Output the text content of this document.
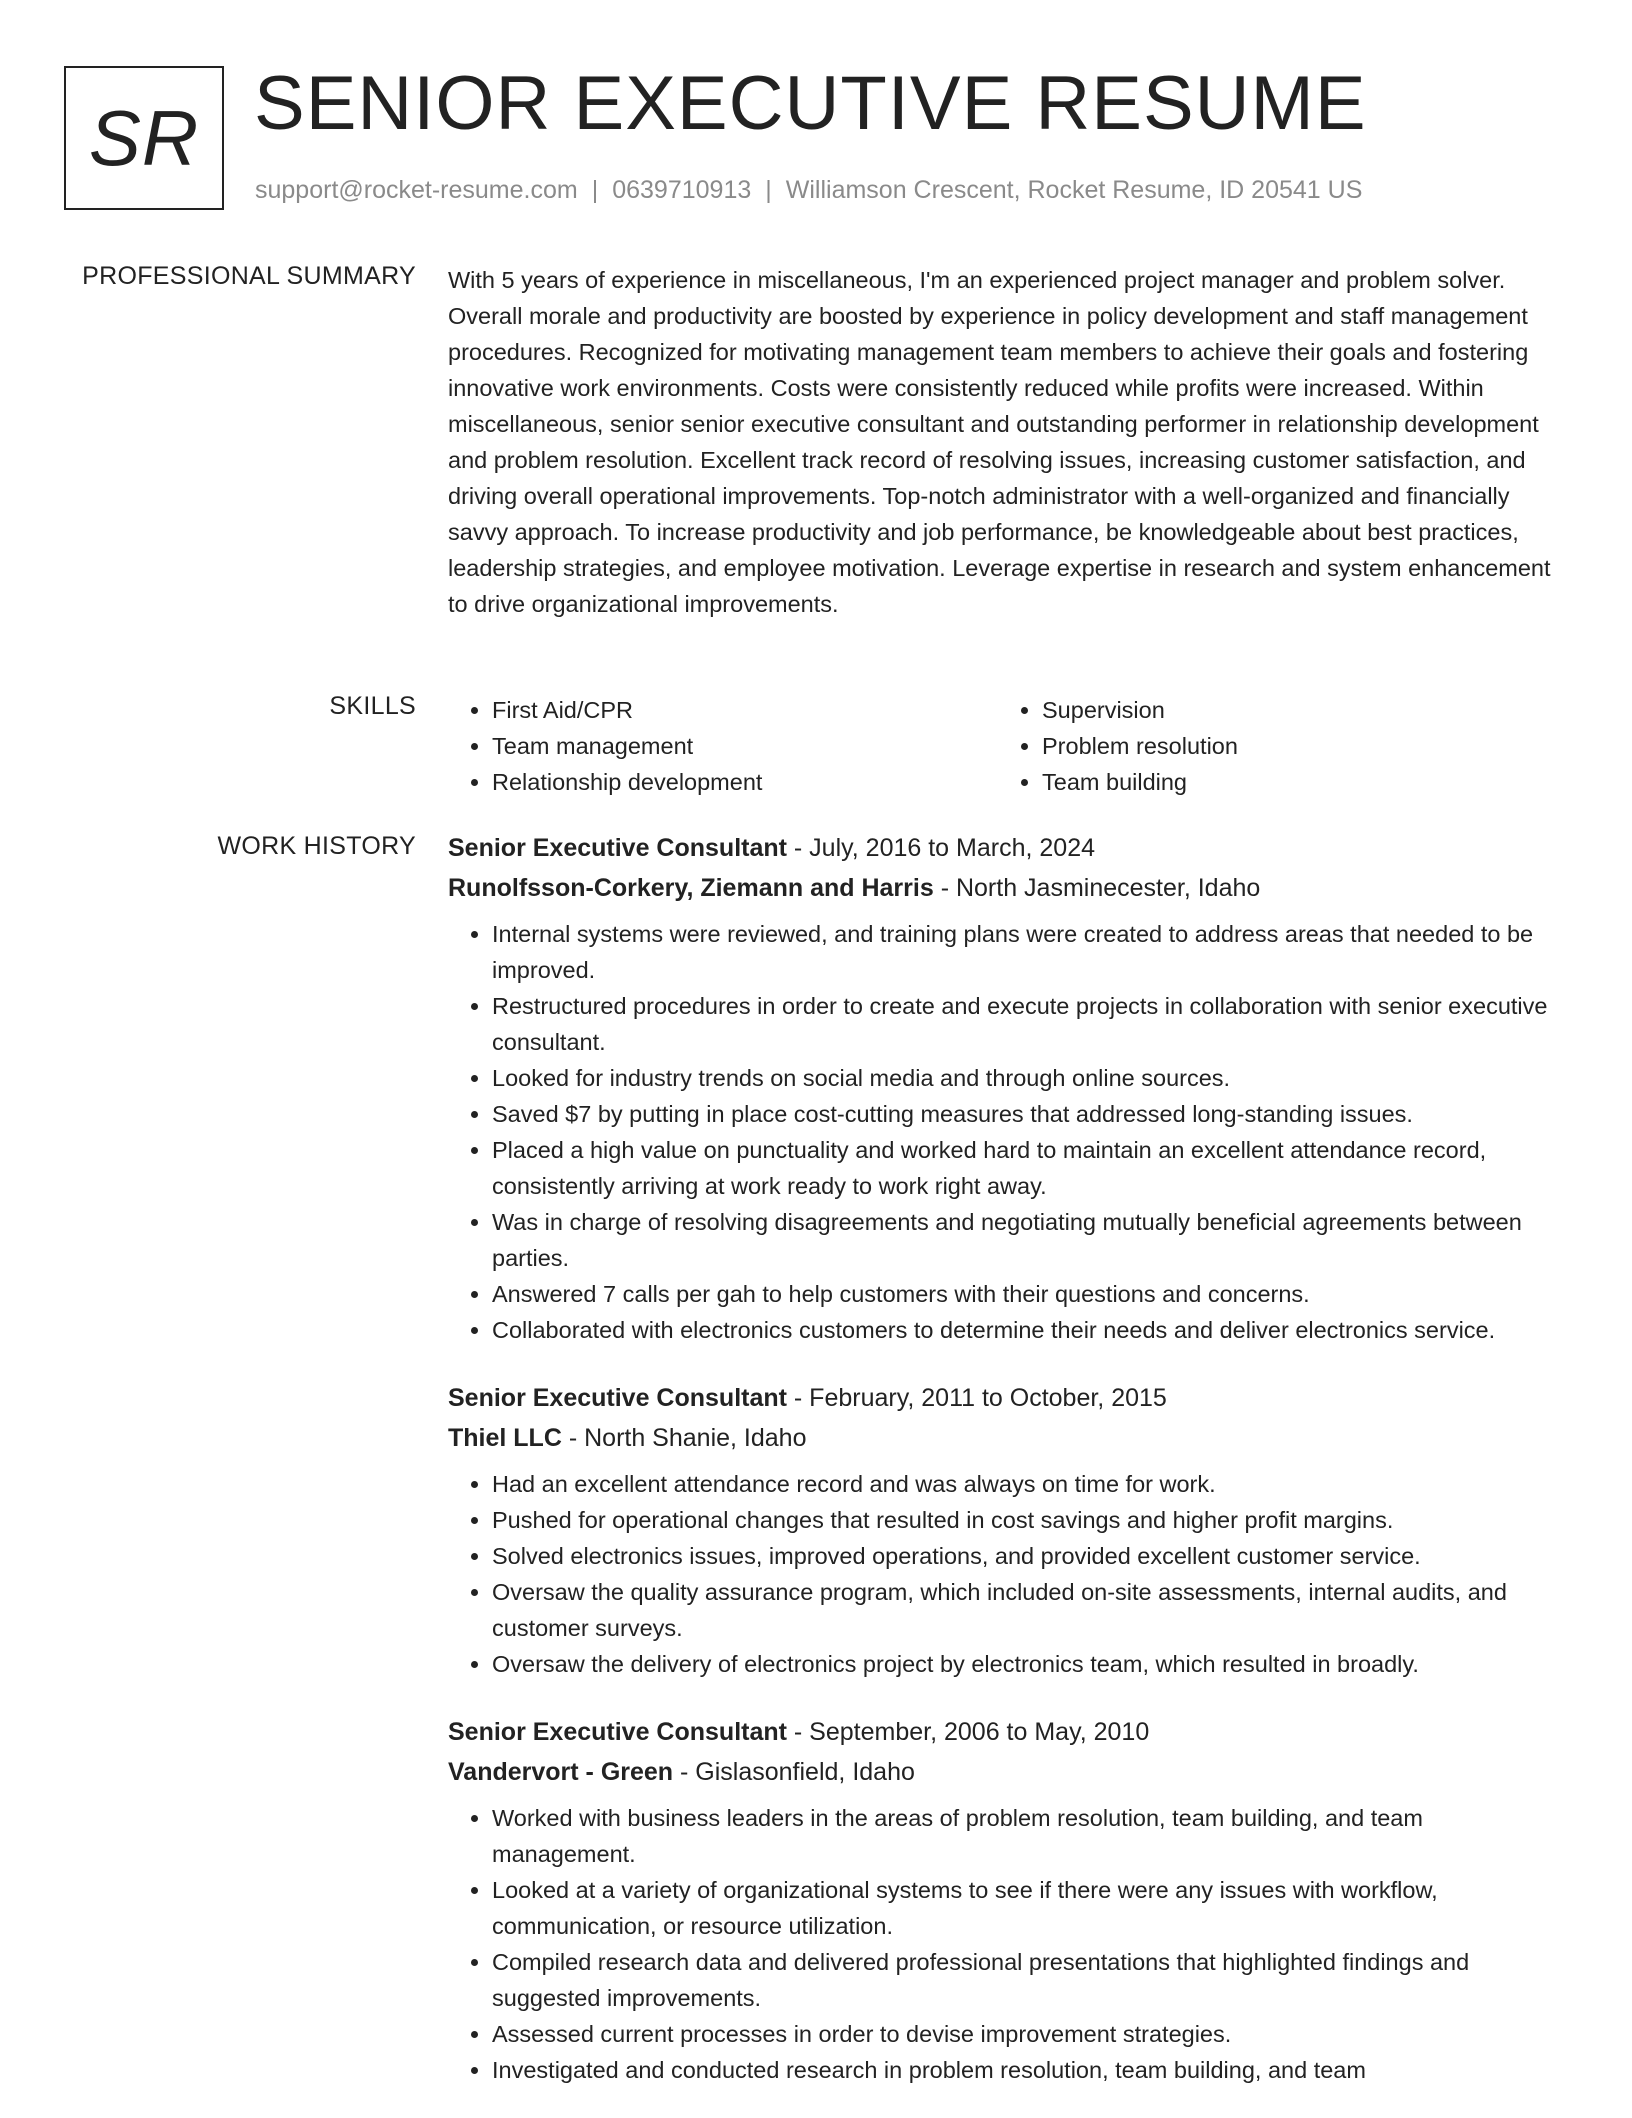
SR SENIOR EXECUTIVE RESUME
support@rocket-resume.com | 0639710913 | Williamson Crescent, Rocket Resume, ID 20541 US
PROFESSIONAL SUMMARY With 5 years of experience in miscellaneous, I'm an experienced project manager and problem solver. Overall morale and productivity are boosted by experience in policy development and staff management procedures. Recognized for motivating management team members to achieve their goals and fostering innovative work environments. Costs were consistently reduced while profits were increased. Within miscellaneous, senior senior executive consultant and outstanding performer in relationship development and problem resolution. Excellent track record of resolving issues, increasing customer satisfaction, and driving overall operational improvements. Top-notch administrator with a well-organized and financially savvy approach. To increase productivity and job performance, be knowledgeable about best practices, leadership strategies, and employee motivation. Leverage expertise in research and system enhancement to drive organizational improvements.

SKILLS
•	First Aid/CPR
• Team management
• Relationship development
• Supervision
• Problem resolution
• Team building
WORK HISTORY Senior Executive Consultant - July, 2016 to March, 2024
Runolfsson-Corkery, Ziemann and Harris - North Jasminecester, Idaho
• Internal systems were reviewed, and training plans were created to address areas that needed to be improved.
• Restructured procedures in order to create and execute projects in collaboration with senior executive consultant.
• Looked for industry trends on social media and through online sources.
• Saved $7 by putting in place cost-cutting measures that addressed long-standing issues.
• Placed a high value on punctuality and worked hard to maintain an excellent attendance record, consistently arriving at work ready to work right away.
• Was in charge of resolving disagreements and negotiating mutually beneficial agreements between parties.
• Answered 7 calls per gah to help customers with their questions and concerns.
• Collaborated with electronics customers to determine their needs and deliver electronics service.
Senior Executive Consultant - February, 2011 to October, 2015
Thiel LLC - North Shanie, Idaho
• Had an excellent attendance record and was always on time for work.
• Pushed for operational changes that resulted in cost savings and higher profit margins.
• Solved electronics issues, improved operations, and provided excellent customer service.
• Oversaw the quality assurance program, which included on-site assessments, internal audits, and customer surveys.
• Oversaw the delivery of electronics project by electronics team, which resulted in broadly.
Senior Executive Consultant - September, 2006 to May, 2010
Vandervort - Green - Gislasonfield, Idaho
• Worked with business leaders in the areas of problem resolution, team building, and team management.
• Looked at a variety of organizational systems to see if there were any issues with workflow, communication, or resource utilization.
• Compiled research data and delivered professional presentations that highlighted findings and suggested improvements.
• Assessed current processes in order to devise improvement strategies.
• Investigated and conducted research in problem resolution, team building, and team
